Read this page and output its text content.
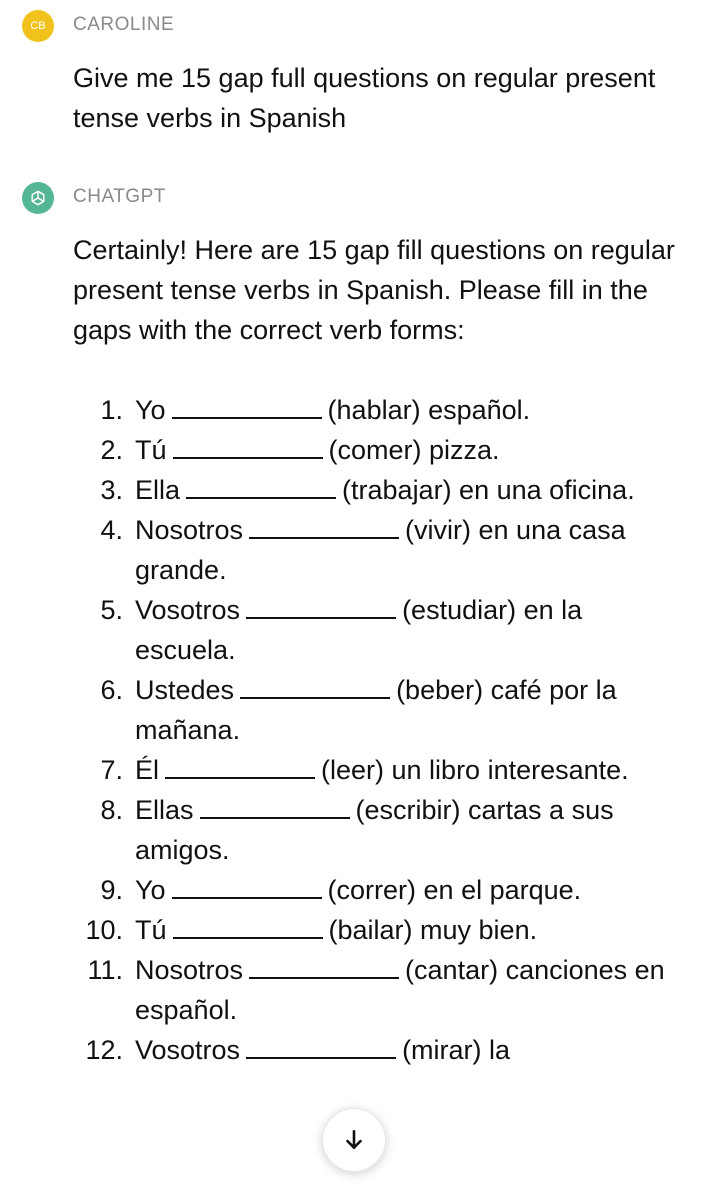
CB CAROLINE
Give me 15 gap full questions on regular present tense verbs in Spanish
CHATGPT
Certainly! Here are 15 gap fill questions on regular present tense verbs in Spanish. Please fill in the gaps with the correct verb forms:
1 . Yo	(hablar) español.
2 . Tú	(comer) pizza.
3 . Ella	(trabajar) en una oficina.
4 . Nosotros	(vivir) en una casa grande.
5 . Vosotros	(estudiar) en la escuela.
6 . Ustedes	(beber) café por la mañana.
7 . Él	(leer) un libro interesante.
8 . Ellas	(escribir) cartas a sus amigos.
9 . Yo	(correr) en el parque.
10 . Tú	(bailar) muy bien.
11 . Nosotros	(cantar) canciones en español.
12 . Vosotros	(mirar) la
